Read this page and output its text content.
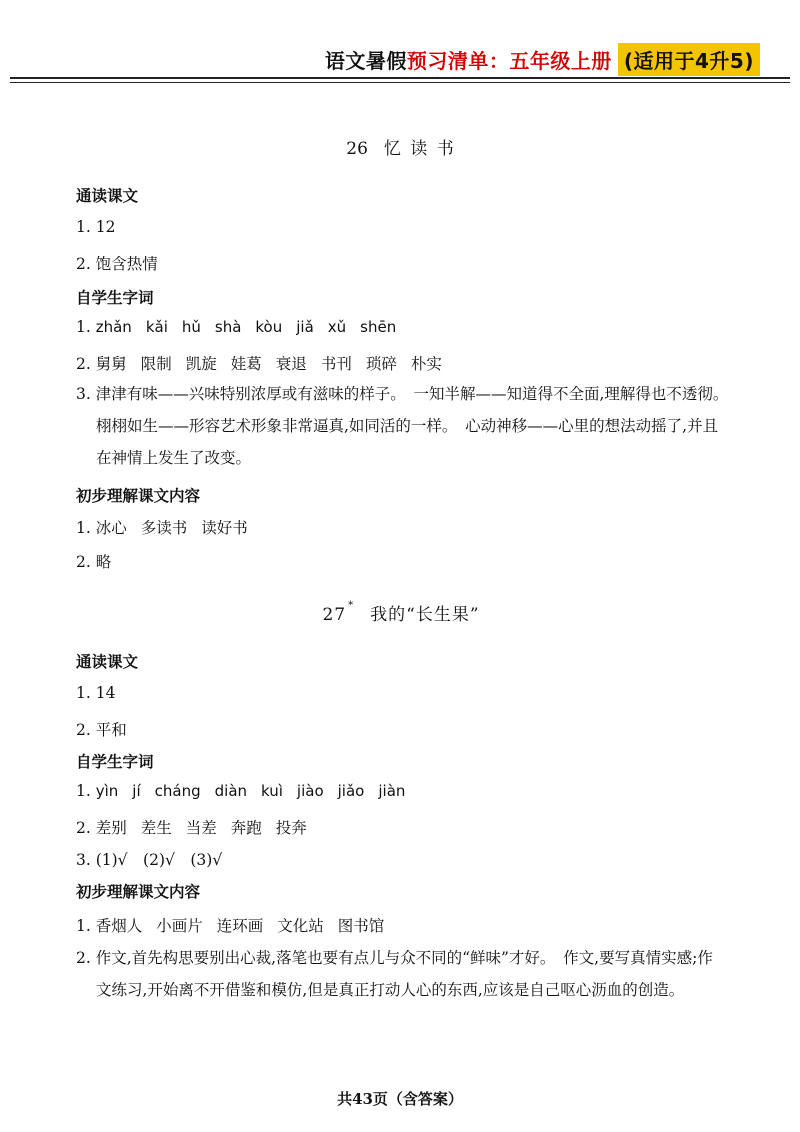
语文暑假 预习清单：五年级上册 (适用于4升5)

26 忆 读 书

通读课文

1. 12

2. 饱含热情

自学生字词

1. zhǎn kǎi hǔ shà kòu jiǎ xǔ shēn

2. 舅舅 限制 凯旋 娃葛 衰退 书刊 琐碎 朴实

3. 津津有味——兴味特别浓厚或有滋味的样子。　一知半解——知道得不全面,理解得也不透彻。　栩栩如生——形容艺术形象非常逼真,如同活的一样。　心动神移——心里的想法动摇了,并且在神情上发生了改变。

初步理解课文内容

1. 冰心 多读书 读好书

2. 略

27 * 我的“长生果”

通读课文

1. 14

2. 平和

自学生字词

1. yìn jí cháng diàn kuì jiào jiǎo jiàn

2. 差别 差生 当差 奔跑 投奔

3. (1)√　(2)√　(3)√

初步理解课文内容

1. 香烟人 小画片 连环画 文化站 图书馆

2. 作文,首先构思要别出心裁,落笔也要有点儿与众不同的“鲜味”才好。　作文,要写真情实感;作文练习,开始离不开借鉴和模仿,但是真正打动人心的东西,应该是自己呕心沥血的创造。

共43页（含答案）
